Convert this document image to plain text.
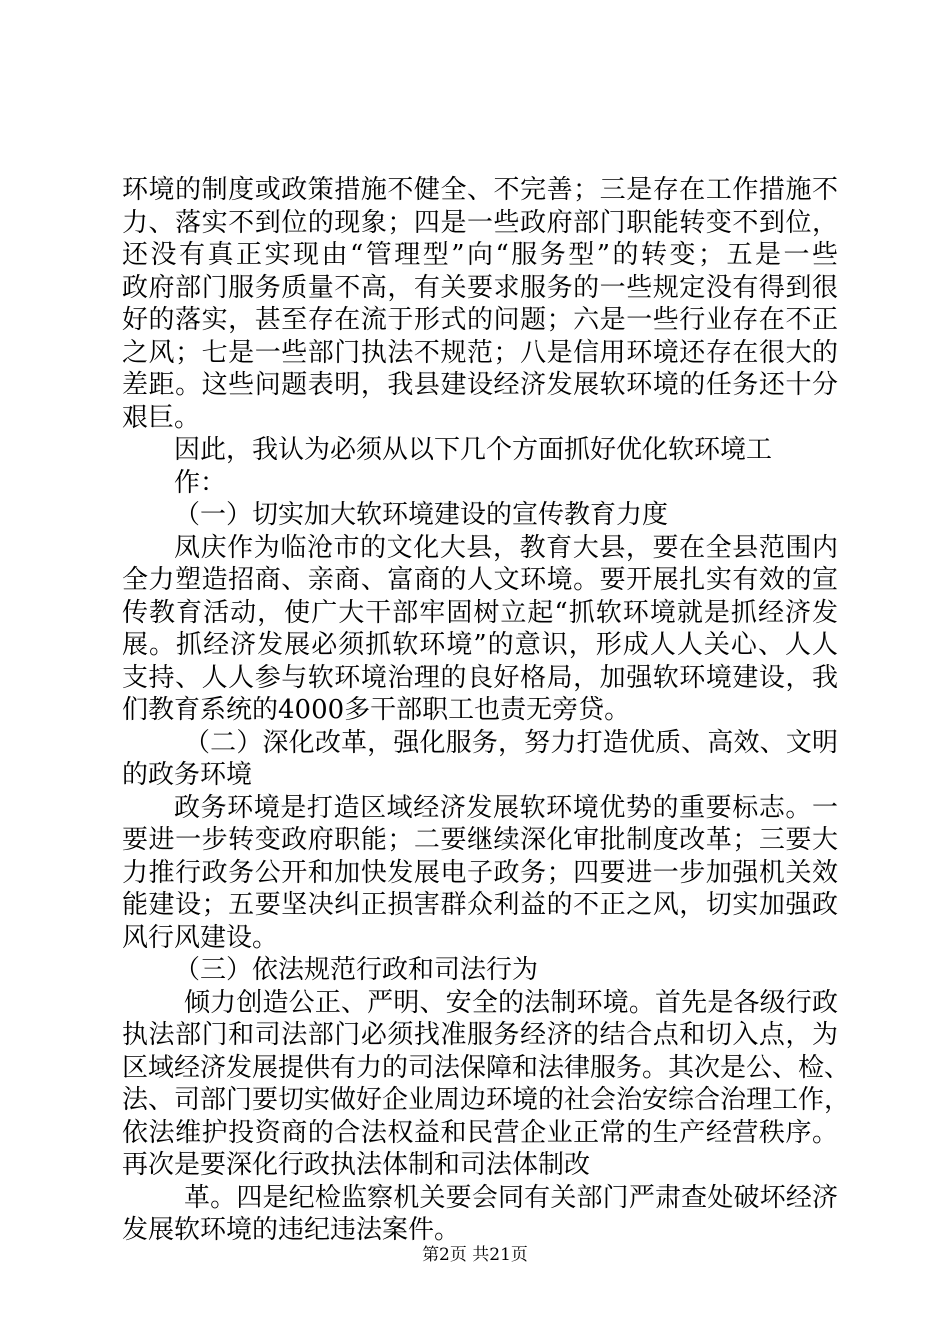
环境的制度或政策措施不健全、不完善；三是存在工作措施不
力、落实不到位的现象；四是一些政府部门职能转变不到位，
还没有真正实现由“管理型”向“服务型”的转变；五是一些
政府部门服务质量不高，有关要求服务的一些规定没有得到很
好的落实，甚至存在流于形式的问题；六是一些行业存在不正
之风；七是一些部门执法不规范；八是信用环境还存在很大的
差距。这些问题表明，我县建设经济发展软环境的任务还十分
艰巨。
因此，我认为必须从以下几个方面抓好优化软环境工
作：
（一）切实加大软环境建设的宣传教育力度
凤庆作为临沧市的文化大县，教育大县，要在全县范围内
全力塑造招商、亲商、富商的人文环境。要开展扎实有效的宣
传教育活动，使广大干部牢固树立起“抓软环境就是抓经济发
展。抓经济发展必须抓软环境”的意识，形成人人关心、人人
支持、人人参与软环境治理的良好格局，加强软环境建设，我
们教育系统的4000多干部职工也责无旁贷。
（二）深化改革，强化服务，努力打造优质、高效、文明
的政务环境
政务环境是打造区域经济发展软环境优势的重要标志。一
要进一步转变政府职能；二要继续深化审批制度改革；三要大
力推行政务公开和加快发展电子政务；四要进一步加强机关效
能建设；五要坚决纠正损害群众利益的不正之风，切实加强政
风行风建设。
（三）依法规范行政和司法行为
倾力创造公正、严明、安全的法制环境。首先是各级行政
执法部门和司法部门必须找准服务经济的结合点和切入点，为
区域经济发展提供有力的司法保障和法律服务。其次是公、检、
法、司部门要切实做好企业周边环境的社会治安综合治理工作，
依法维护投资商的合法权益和民营企业正常的生产经营秩序。
再次是要深化行政执法体制和司法体制改
革。四是纪检监察机关要会同有关部门严肃查处破坏经济
发展软环境的违纪违法案件。
第2页 共21页
